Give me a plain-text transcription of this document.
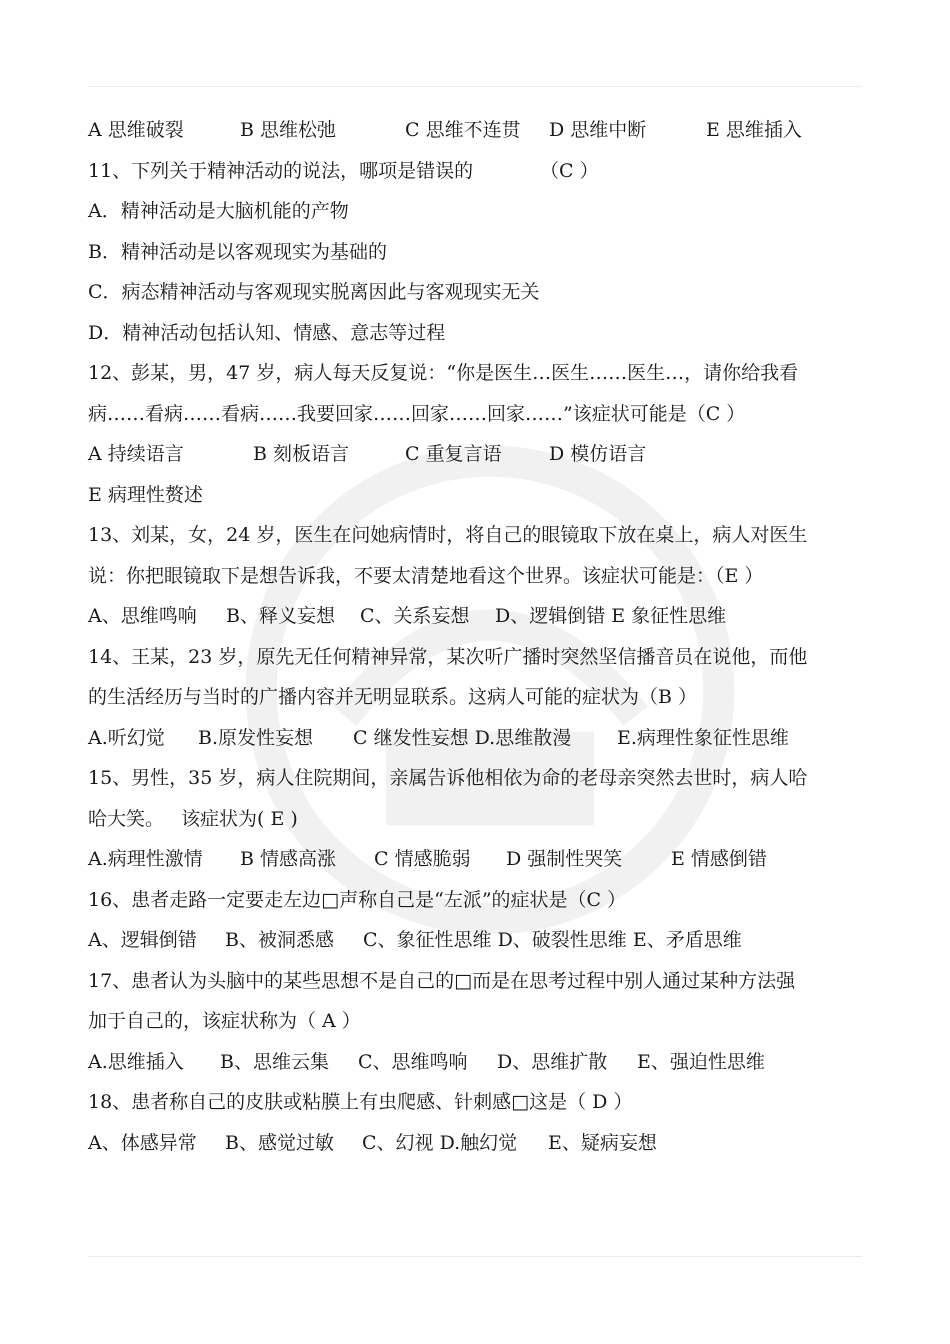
A 思维破裂	B 思维松弛	C 思维不连贯 D 思维中断	E 思维插入
11、下列关于精神活动的说法，哪项是错误的	（C ）
A．精神活动是大脑机能的产物
B．精神活动是以客观现实为基础的
C．病态精神活动与客观现实脱离因此与客观现实无关
D．精神活动包括认知、情感、意志等过程
12、彭某，男，47 岁，病人每天反复说：“你是医生…医生……医生…，请你给我看
病……看病……看病……我要回家……回家……回家……”该症状可能是（C ）
A 持续语言	B 刻板语言	C 重复言语 D 模仿语言
E 病理性赘述
13、刘某，女，24 岁，医生在问她病情时，将自己的眼镜取下放在桌上，病人对医生
说：你把眼镜取下是想告诉我，不要太清楚地看这个世界。该症状可能是：（E ）
A、思维鸣响 B、释义妄想 C、关系妄想 D、逻辑倒错 E 象征性思维
14、王某，23 岁，原先无任何精神异常，某次听广播时突然坚信播音员在说他，而他
的生活经历与当时的广播内容并无明显联系。这病人可能的症状为（B ）
A.听幻觉 B.原发性妄想 C 继发性妄想 D.思维散漫 E.病理性象征性思维
15、男性，35 岁，病人住院期间，亲属告诉他相依为命的老母亲突然去世时，病人哈
哈大笑。 该症状为( E )
A.病理性激情 B 情感高涨 C 情感脆弱 D 强制性哭笑	E 情感倒错
16、患者走路一定要走左边□声称自己是“左派”的症状是（C ）
A、逻辑倒错 B、被洞悉感 C、象征性思维 D、破裂性思维 E、矛盾思维
17、患者认为头脑中的某些思想不是自己的□而是在思考过程中别人通过某种方法强
加于自己的，该症状称为（ A ）
A.思维插入 B、思维云集 C、思维鸣响 D、思维扩散 E、强迫性思维
18、患者称自己的皮肤或粘膜上有虫爬感、针刺感□这是（ D ）
A、体感异常 B、感觉过敏 C、幻视 D.触幻觉 E、疑病妄想
